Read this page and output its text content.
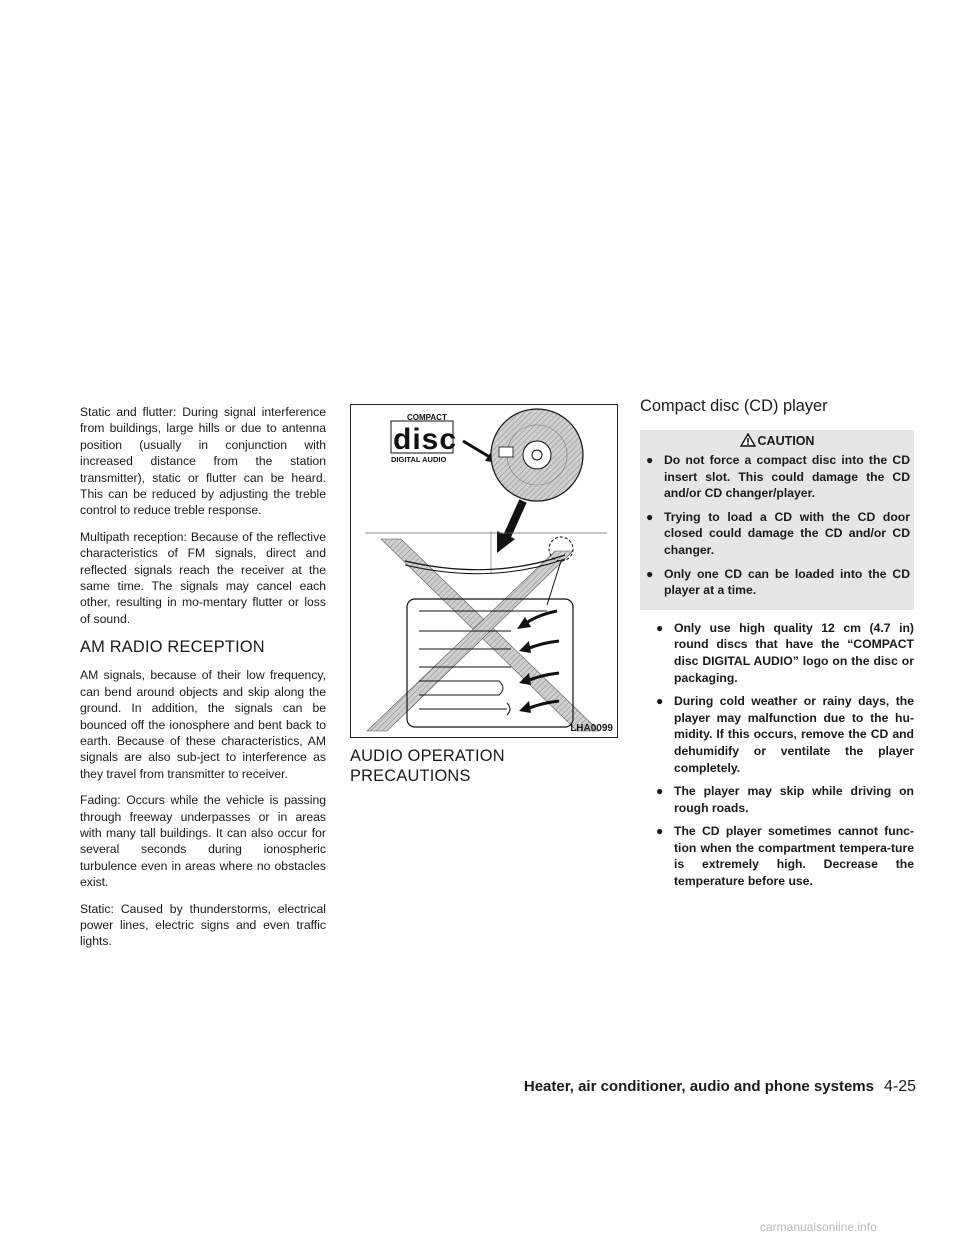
Static and flutter: During signal interference from buildings, large hills or due to antenna position (usually in conjunction with increased distance from the station transmitter), static or flutter can be heard. This can be reduced by adjusting the treble control to reduce treble response.

Multipath reception: Because of the reflective characteristics of FM signals, direct and reflected signals reach the receiver at the same time. The signals may cancel each other, resulting in mo-mentary flutter or loss of sound.

AM RADIO RECEPTION

AM signals, because of their low frequency, can bend around objects and skip along the ground. In addition, the signals can be bounced off the ionosphere and bent back to earth. Because of these characteristics, AM signals are also sub-ject to interference as they travel from transmitter to receiver.

Fading: Occurs while the vehicle is passing through freeway underpasses or in areas with many tall buildings. It can also occur for several seconds during ionospheric turbulence even in areas where no obstacles exist.

Static: Caused by thunderstorms, electrical power lines, electric signs and even traffic lights.

COMPACT
disc
DIGITAL AUDIO
LHA0099
AUDIO OPERATION PRECAUTIONS
Compact disc (CD) player
CAUTION
● Do not force a compact disc into the CD insert slot. This could damage the CD and/or CD changer/player.
● Trying to load a CD with the CD door closed could damage the CD and/or CD changer.
● Only one CD can be loaded into the CD player at a time.
● Only use high quality 12 cm (4.7 in) round discs that have the “COMPACT disc DIGITAL AUDIO” logo on the disc or packaging.
● During cold weather or rainy days, the player may malfunction due to the hu-midity. If this occurs, remove the CD and dehumidify or ventilate the player completely.
● The player may skip while driving on rough roads.
● The CD player sometimes cannot func-tion when the compartment tempera-ture is extremely high. Decrease the temperature before use.
Heater, air conditioner, audio and phone systems 4-25
carmanualsonline.info
